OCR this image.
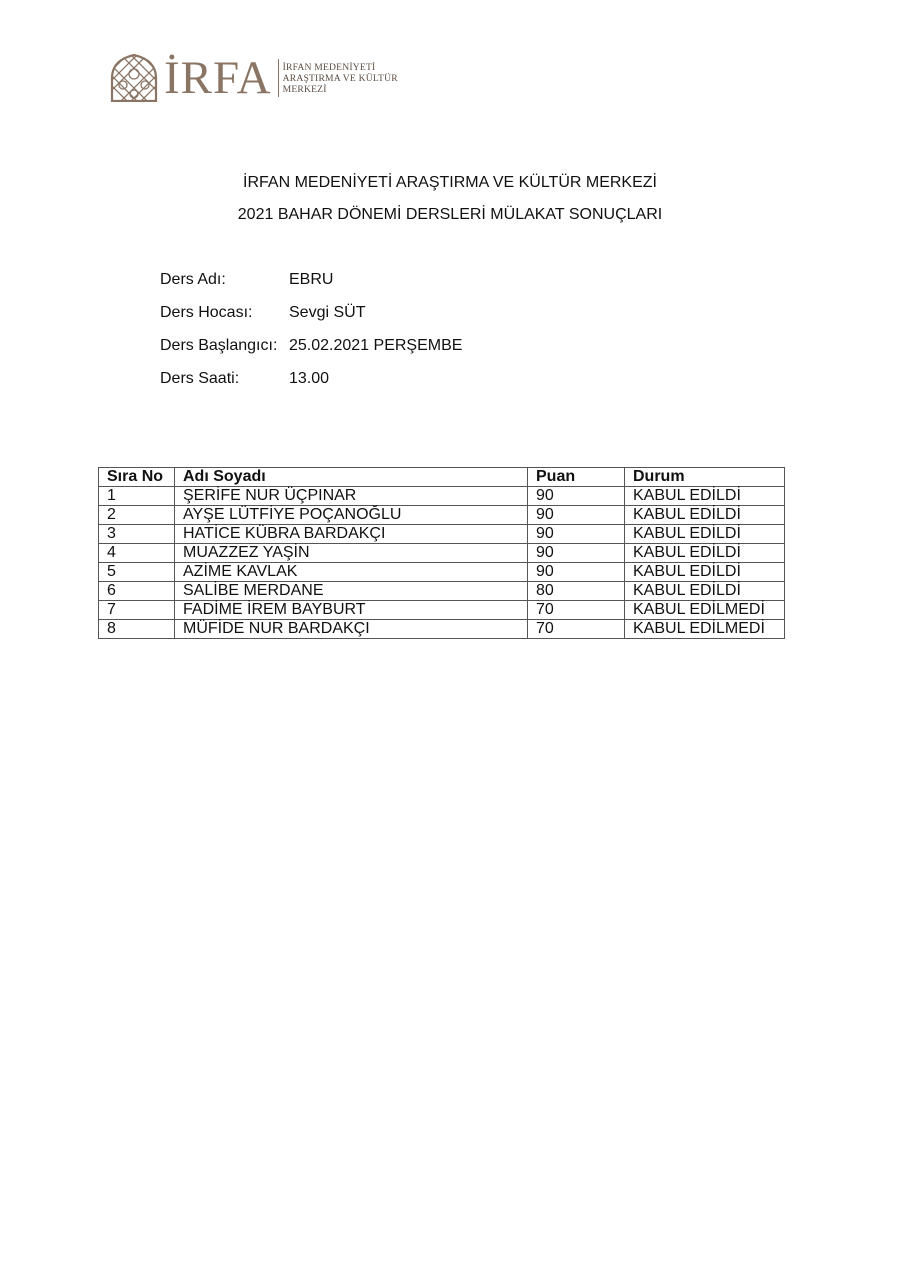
İRFA İRFAN MEDENİYETİ
ARAŞTIRMA VE KÜLTÜR
MERKEZİ
İRFAN MEDENİYETİ ARAŞTIRMA VE KÜLTÜR MERKEZİ
2021 BAHAR DÖNEMİ DERSLERİ MÜLAKAT SONUÇLARI
Ders Adı:	EBRU
Ders Hocası:	Sevgi SÜT
Ders Başlangıcı: 25.02.2021 PERŞEMBE
Ders Saati:	13.00
Sıra No	Adı Soyadı	Puan	Durum
1	ŞERİFE NUR ÜÇPINAR	90	KABUL EDİLDİ
2	AYŞE LÜTFİYE POÇANOĞLU	90	KABUL EDİLDİ
3	HATİCE KÜBRA BARDAKÇI	90	KABUL EDİLDİ
4	MUAZZEZ YAŞİN	90	KABUL EDİLDİ
5	AZİME KAVLAK	90	KABUL EDİLDİ
6	SALİBE MERDANE	80	KABUL EDİLDİ
7	FADİME İREM BAYBURT	70	KABUL EDİLMEDİ
8	MÜFİDE NUR BARDAKÇI	70	KABUL EDİLMEDİ
